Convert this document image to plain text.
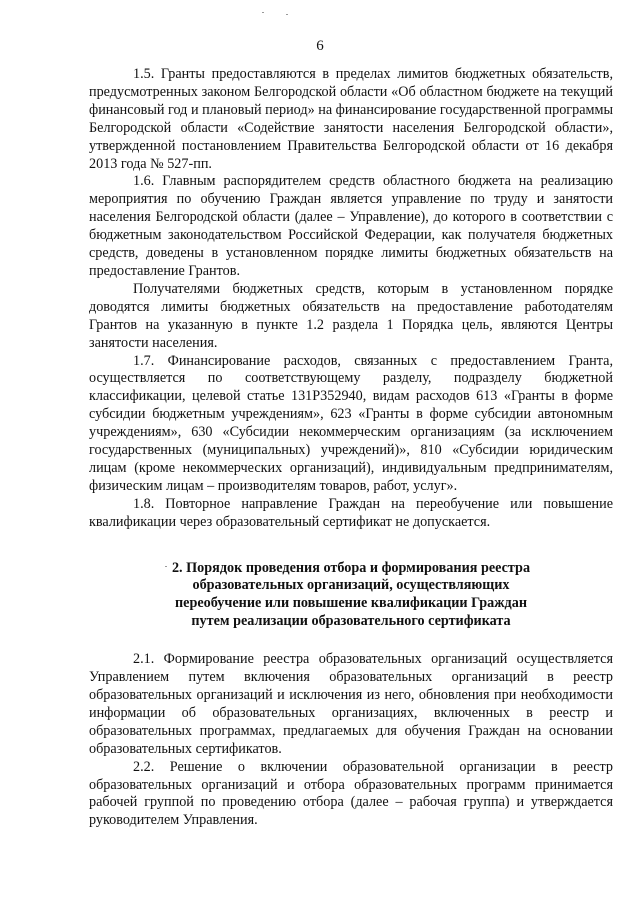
6

1.5. Гранты предоставляются в пределах лимитов бюджетных обязательств, предусмотренных законом Белгородской области «Об областном бюджете на текущий финансовый год и плановый период» на финансирование государственной программы Белгородской области «Содействие занятости населения Белгородской области», утвержденной постановлением Правительства Белгородской области от 16 декабря 2013 года № 527-пп.

1.6. Главным распорядителем средств областного бюджета на реализацию мероприятия по обучению Граждан является управление по труду и занятости населения Белгородской области (далее – Управление), до которого в соответствии с бюджетным законодательством Российской Федерации, как получателя бюджетных средств, доведены в установленном порядке лимиты бюджетных обязательств на предоставление Грантов.

Получателями бюджетных средств, которым в установленном порядке доводятся лимиты бюджетных обязательств на предоставление работодателям Грантов на указанную в пункте 1.2 раздела 1 Порядка цель, являются Центры занятости населения.

1.7. Финансирование расходов, связанных с предоставлением Гранта, осуществляется по соответствующему разделу, подразделу бюджетной классификации, целевой статье 131Р352940, видам расходов 613 «Гранты в форме субсидии бюджетным учреждениям», 623 «Гранты в форме субсидии автономным учреждениям», 630 «Субсидии некоммерческим организациям (за исключением государственных (муниципальных) учреждений)», 810 «Субсидии юридическим лицам (кроме некоммерческих организаций), индивидуальным предпринимателям, физическим лицам – производителям товаров, работ, услуг».

1.8. Повторное направление Граждан на переобучение или повышение квалификации через образовательный сертификат не допускается.

2. Порядок проведения отбора и формирования реестра
образовательных организаций, осуществляющих
переобучение или повышение квалификации Граждан
путем реализации образовательного сертификата

2.1. Формирование реестра образовательных организаций осуществляется Управлением путем включения образовательных организаций в реестр образовательных организаций и исключения из него, обновления при необходимости информации об образовательных организациях, включенных в реестр и образовательных программах, предлагаемых для обучения Граждан на основании образовательных сертификатов.

2.2. Решение о включении образовательной организации в реестр образовательных организаций и отбора образовательных программ принимается рабочей группой по проведению отбора (далее – рабочая группа) и утверждается руководителем Управления.
